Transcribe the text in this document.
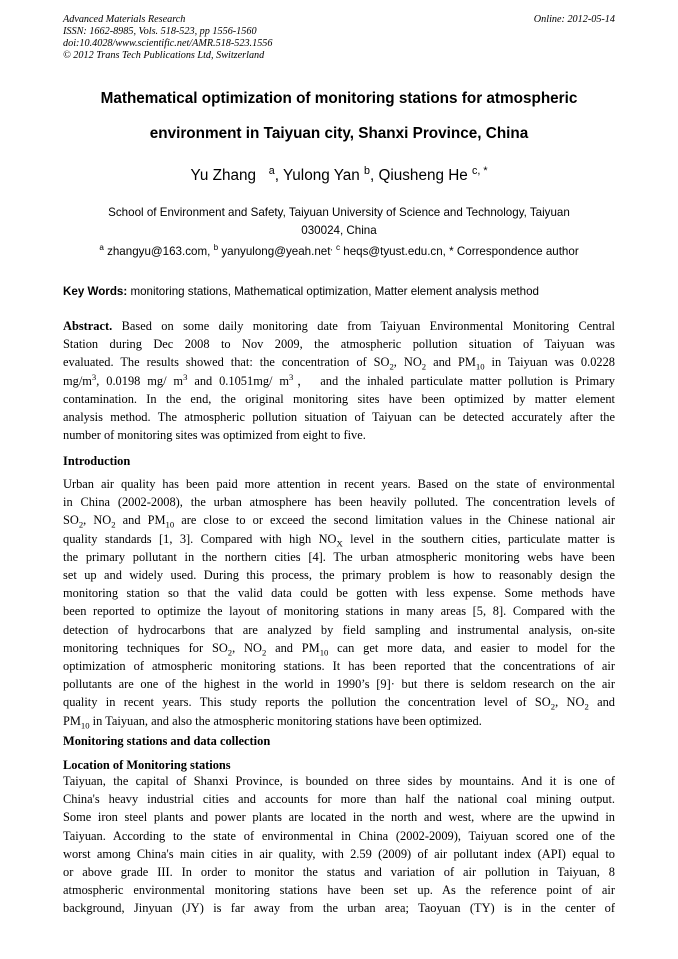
Advanced Materials Research
ISSN: 1662-8985, Vols. 518-523, pp 1556-1560
doi:10.4028/www.scientific.net/AMR.518-523.1556
© 2012 Trans Tech Publications Ltd, Switzerland
Online: 2012-05-14
Mathematical optimization of monitoring stations for atmospheric
environment in Taiyuan city, Shanxi Province, China
Yu Zhang $^a$, Yulong Yan $^b$, Qiusheng He $^{c, *}$
School of Environment and Safety, Taiyuan University of Science and Technology, Taiyuan
030024, China
$^a$ zhangyu@163.com, $^b$ yanyulong@yeah.net, $^c$ heqs@tyust.edu.cn, * Correspondence author
Key Words: monitoring stations, Mathematical optimization, Matter element analysis method
Abstract. Based on some daily monitoring date from Taiyuan Environmental Monitoring Central
Station during Dec 2008 to Nov 2009, the atmospheric pollution situation of Taiyuan was
evaluated. The results showed that: the concentration of $SO_2$, $NO_2$ and $PM_{10}$ in Taiyuan was 0.0228
$mg/m^3$, 0.0198 mg/ $m^3$ and 0.1051mg/ $m^3$， and the inhaled particulate matter pollution is Primary
contamination. In the end, the original monitoring sites have been optimized by matter element
analysis method. The atmospheric pollution situation of Taiyuan can be detected accurately after the
number of monitoring sites was optimized from eight to five.
Introduction
Urban air quality has been paid more attention in recent years. Based on the state of environmental
in China (2002-2008), the urban atmosphere has been heavily polluted. The concentration levels of
$SO_2$, $NO_2$ and $PM_{10}$ are close to or exceed the second limitation values in the Chinese national air
quality standards [1, 3]. Compared with high $NO_X$ level in the southern cities, particulate matter is
the primary pollutant in the northern cities [4]. The urban atmospheric monitoring webs have been
set up and widely used. During this process, the primary problem is how to reasonably design the
monitoring station so that the valid data could be gotten with less expense. Some methods have
been reported to optimize the layout of monitoring stations in many areas [5, 8]. Compared with the
detection of hydrocarbons that are analyzed by field sampling and instrumental analysis, on-site
monitoring techniques for $SO_2$, $NO_2$ and $PM_{10}$ can get more data, and easier to model for the
optimization of atmospheric monitoring stations. It has been reported that the concentrations of air
pollutants are one of the highest in the world in 1990’s [9]· but there is seldom research on the air
quality in recent years. This study reports the pollution the concentration level of $SO_2$, $NO_2$ and
$PM_{10}$ in Taiyuan, and also the atmospheric monitoring stations have been optimized.
Monitoring stations and data collection
Location of Monitoring stations
Taiyuan, the capital of Shanxi Province, is bounded on three sides by mountains. And it is one of
China's heavy industrial cities and accounts for more than half the national coal mining output.
Some iron steel plants and power plants are located in the north and west, where are the upwind in
Taiyuan. According to the state of environmental in China (2002-2009), Taiyuan scored one of the
worst among China's main cities in air quality, with 2.59 (2009) of air pollutant index (API) equal to
or above grade III. In order to monitor the status and variation of air pollution in Taiyuan, 8
atmospheric environmental monitoring stations have been set up. As the reference point of air
background, Jinyuan (JY) is far away from the urban area; Taoyuan (TY) is in the center of
